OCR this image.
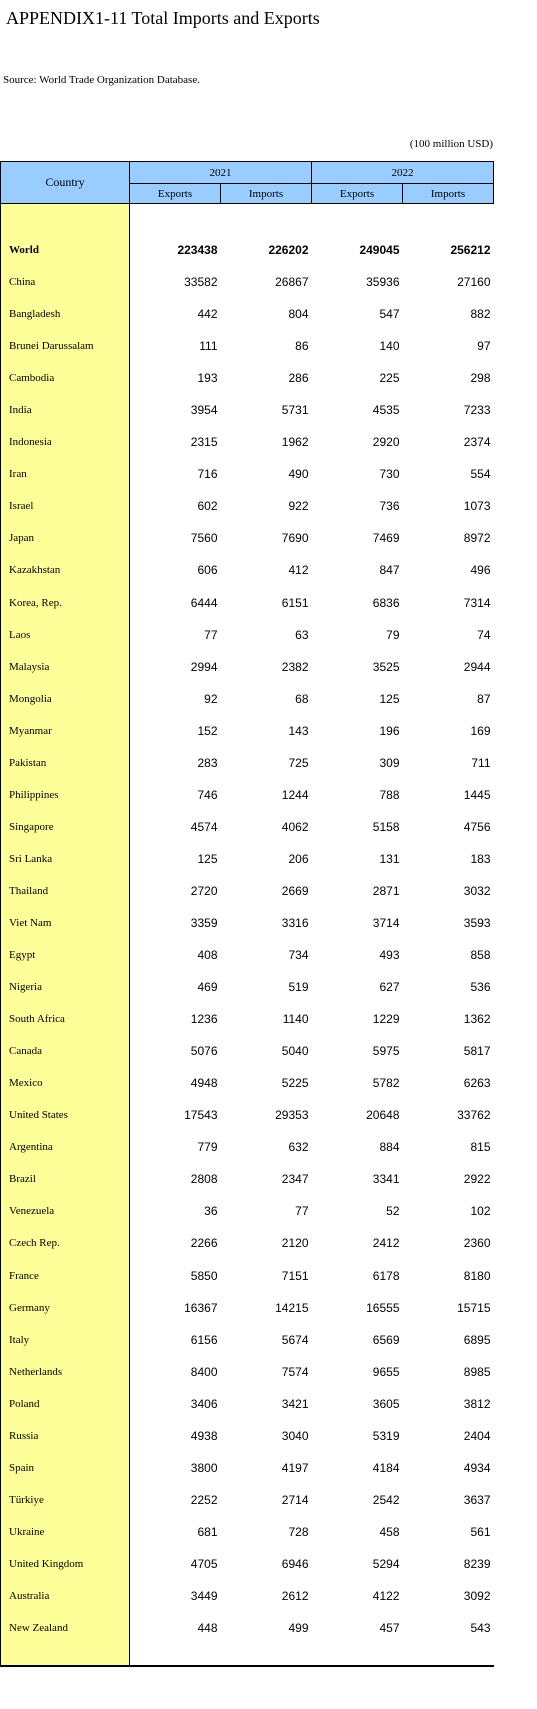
APPENDIX1-11 Total Imports and Exports
Source: World Trade Organization Database.
(100 million USD)
Country	2021		2022	
	Exports	Imports	Exports	Imports

World	223438	226202	249045	256212
China	33582	26867	35936	27160
Bangladesh	442	804	547	882
Brunei Darussalam	111	86	140	97
Cambodia	193	286	225	298
India	3954	5731	4535	7233
Indonesia	2315	1962	2920	2374
Iran	716	490	730	554
Israel	602	922	736	1073
Japan	7560	7690	7469	8972
Kazakhstan	606	412	847	496
Korea, Rep.	6444	6151	6836	7314
Laos	77	63	79	74
Malaysia	2994	2382	3525	2944
Mongolia	92	68	125	87
Myanmar	152	143	196	169
Pakistan	283	725	309	711
Philippines	746	1244	788	1445
Singapore	4574	4062	5158	4756
Sri Lanka	125	206	131	183
Thailand	2720	2669	2871	3032
Viet Nam	3359	3316	3714	3593
Egypt	408	734	493	858
Nigeria	469	519	627	536
South Africa	1236	1140	1229	1362
Canada	5076	5040	5975	5817
Mexico	4948	5225	5782	6263
United States	17543	29353	20648	33762
Argentina	779	632	884	815
Brazil	2808	2347	3341	2922
Venezuela	36	77	52	102
Czech Rep.	2266	2120	2412	2360
France	5850	7151	6178	8180
Germany	16367	14215	16555	15715
Italy	6156	5674	6569	6895
Netherlands	8400	7574	9655	8985
Poland	3406	3421	3605	3812
Russia	4938	3040	5319	2404
Spain	3800	4197	4184	4934
Türkiye	2252	2714	2542	3637
Ukraine	681	728	458	561
United Kingdom	4705	6946	5294	8239
Australia	3449	2612	4122	3092
New Zealand	448	499	457	543
